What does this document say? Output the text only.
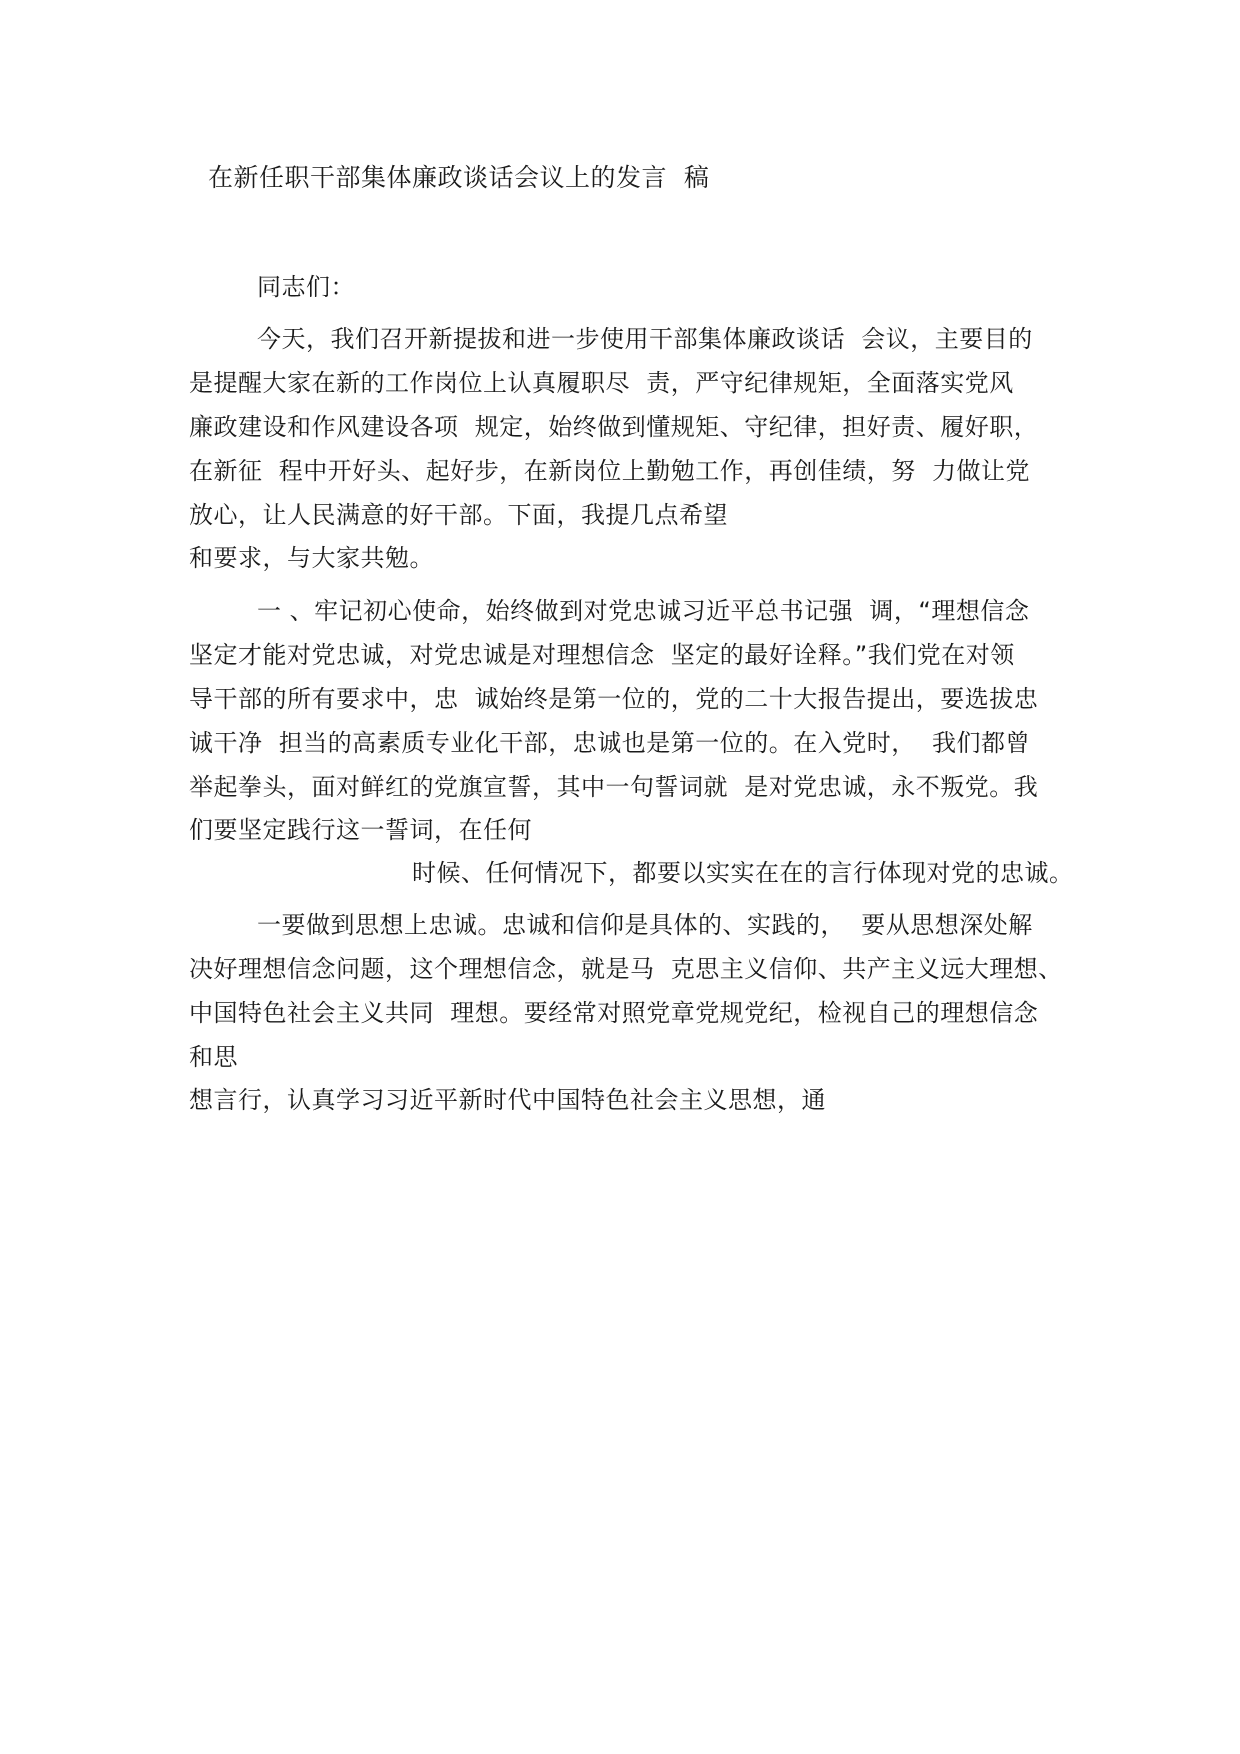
在新任职干部集体廉政谈话会议上的发言  稿
同志们：
今天，我们召开新提拔和进一步使用干部集体廉政谈话  会议，主要目的
是提醒大家在新的工作岗位上认真履职尽  责，严守纪律规矩，全面落实党风
廉政建设和作风建设各项  规定，始终做到懂规矩、守纪律，担好责、履好职，
在新征  程中开好头、起好步，在新岗位上勤勉工作，再创佳绩，努  力做让党
放心，让人民满意的好干部。下面，我提几点希望
和要求，与大家共勉。
一 、牢记初心使命，始终做到对党忠诚习近平总书记强  调，“理想信念
坚定才能对党忠诚，对党忠诚是对理想信念  坚定的最好诠释。”我们党在对领
导干部的所有要求中，忠  诚始终是第一位的，党的二十大报告提出，要选拔忠
诚干净  担当的高素质专业化干部，忠诚也是第一位的。在入党时，  我们都曾
举起拳头，面对鲜红的党旗宣誓，其中一句誓词就  是对党忠诚，永不叛党。我
们要坚定践行这一誓词，在任何
时候、任何情况下，都要以实实在在的言行体现对党的忠诚。
一要做到思想上忠诚。忠诚和信仰是具体的、实践的，  要从思想深处解
决好理想信念问题，这个理想信念，就是马  克思主义信仰、共产主义远大理想、
中国特色社会主义共同  理想。要经常对照党章党规党纪，检视自己的理想信念
和思
想言行，认真学习习近平新时代中国特色社会主义思想，通
